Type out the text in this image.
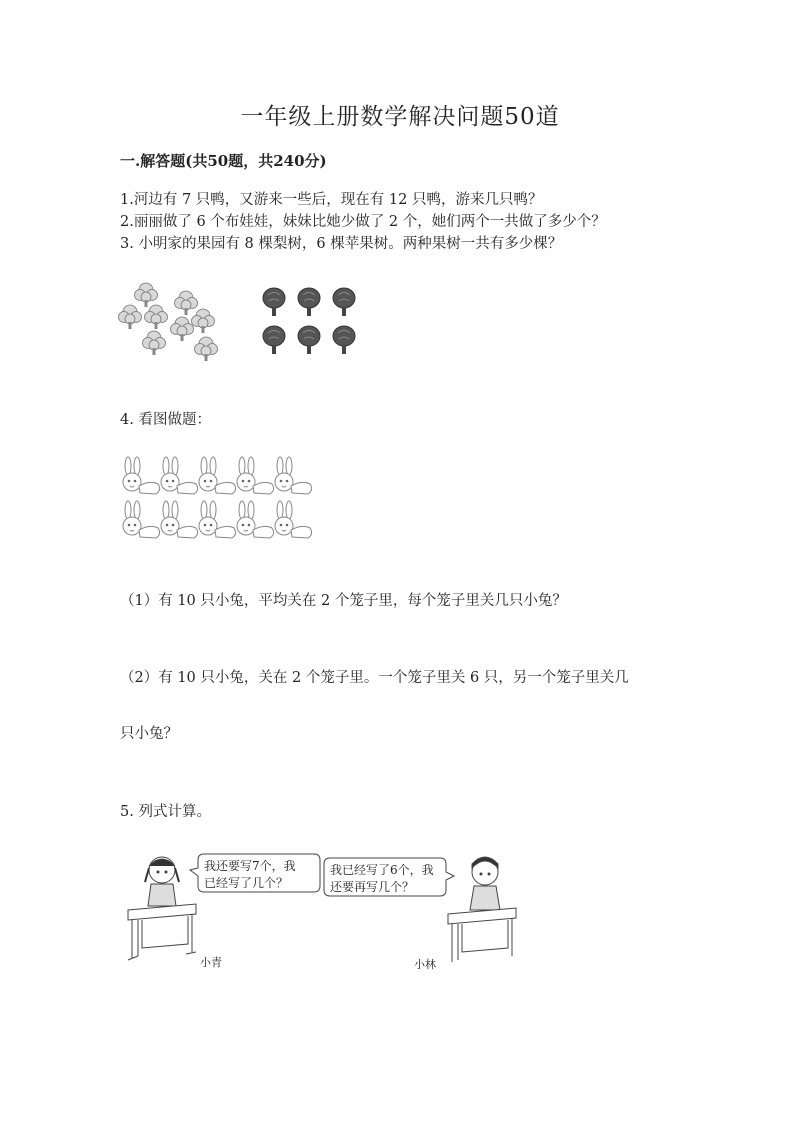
一年级上册数学解决问题50道
一.解答题(共50题，共240分)
1.河边有 7 只鸭，又游来一些后，现在有 12 只鸭，游来几只鸭？
2.丽丽做了 6 个布娃娃，妹妹比她少做了 2 个，她们两个一共做了多少个？
3. 小明家的果园有 8 棵梨树，6 棵苹果树。两种果树一共有多少棵？
4. 看图做题：
（1）有 10 只小兔，平均关在 2 个笼子里，每个笼子里关几只小兔？
（2）有 10 只小兔，关在 2 个笼子里。一个笼子里关 6 只，另一个笼子里关几
只小兔？
5. 列式计算。
我还要写7个，我
已经写了几个？
我已经写了6个，我
还要再写几个？
小青	小林
